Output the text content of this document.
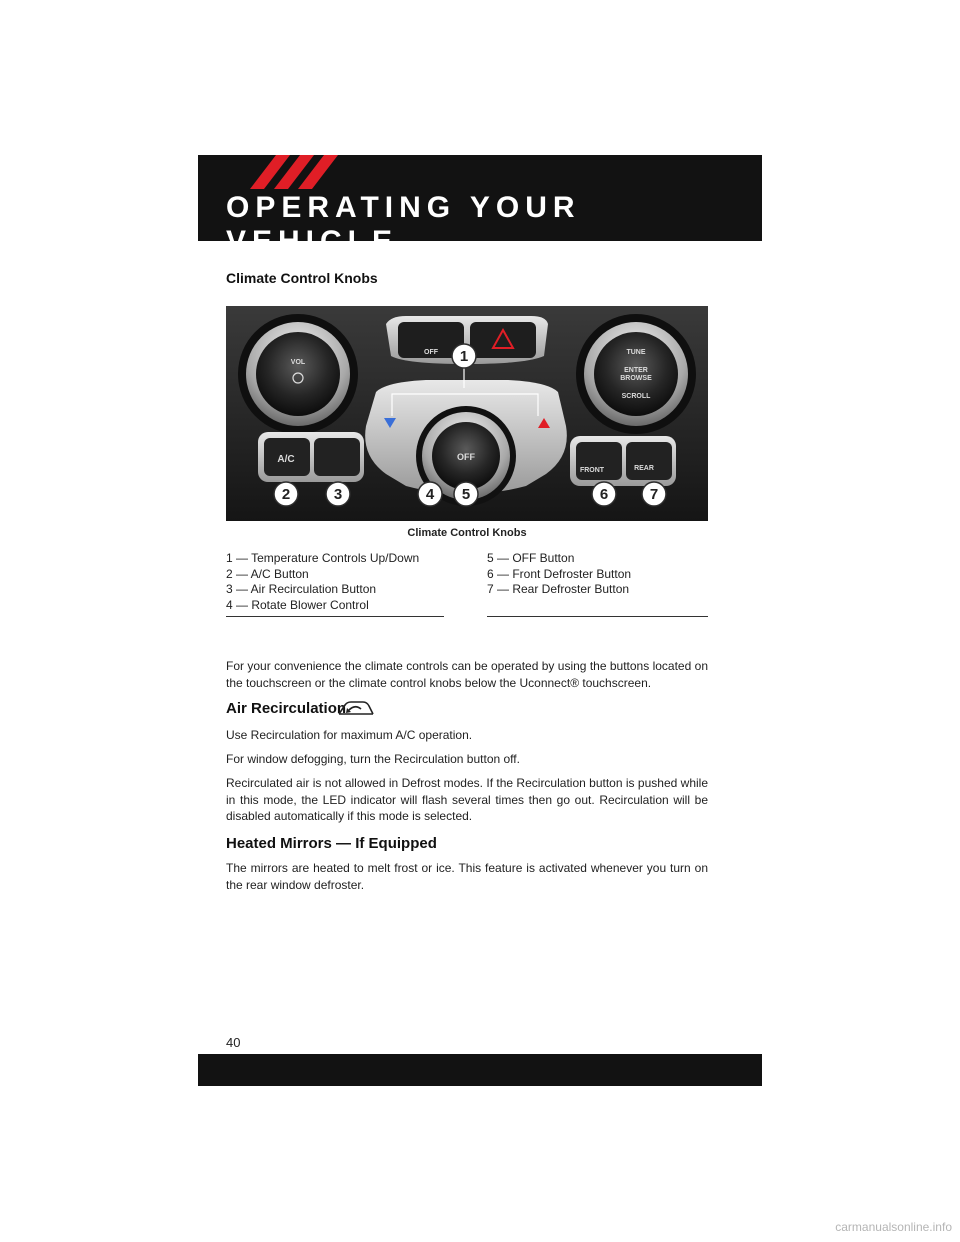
OPERATING YOUR VEHICLE
Climate Control Knobs
OFF
VOL
TUNE
ENTER
BROWSE
SCROLL
OFF
A/C
FRONT	REAR
1
2	3	4 5	6	7
Climate Control Knobs
1 — Temperature Controls Up/Down
2 — A/C Button
3 — Air Recirculation Button
4 — Rotate Blower Control
5 — OFF Button
6 — Front Defroster Button
7 — Rear Defroster Button
For your convenience the climate controls can be operated by using the buttons located on the touchscreen or the climate control knobs below the Uconnect® touchscreen.
Air Recirculation
Use Recirculation for maximum A/C operation.
For window defogging, turn the Recirculation button off.
Recirculated air is not allowed in Defrost modes. If the Recirculation button is pushed while in this mode, the LED indicator will flash several times then go out. Recirculation will be disabled automatically if this mode is selected.
Heated Mirrors — If Equipped
The mirrors are heated to melt frost or ice. This feature is activated whenever you turn on the rear window defroster.
40
carmanualsonline.info
